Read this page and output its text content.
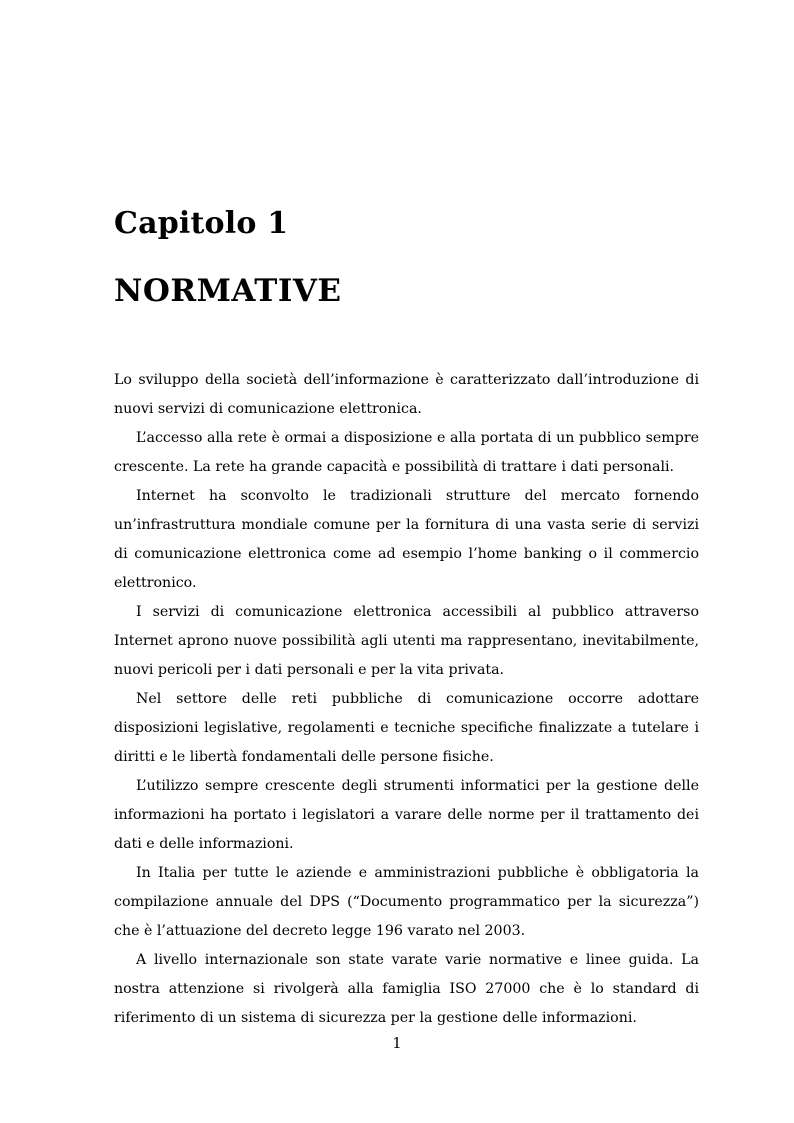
Capitolo 1
NORMATIVE

Lo sviluppo della società dell’informazione è caratterizzato dall’introduzione di nuovi servizi di comunicazione elettronica.

L’accesso alla rete è ormai a disposizione e alla portata di un pubblico sempre crescente. La rete ha grande capacità e possibilità di trattare i dati personali.

Internet ha sconvolto le tradizionali strutture del mercato fornendo un’infrastruttura mondiale comune per la fornitura di una vasta serie di servizi di comunicazione elettronica come ad esempio l’home banking o il commercio elettronico.

I servizi di comunicazione elettronica accessibili al pubblico attraverso Internet aprono nuove possibilità agli utenti ma rappresentano, inevitabilmente, nuovi pericoli per i dati personali e per la vita privata.

Nel settore delle reti pubbliche di comunicazione occorre adottare disposizioni legislative, regolamenti e tecniche specifiche finalizzate a tutelare i diritti e le libertà fondamentali delle persone fisiche.

L’utilizzo sempre crescente degli strumenti informatici per la gestione delle informazioni ha portato i legislatori a varare delle norme per il trattamento dei dati e delle informazioni.

In Italia per tutte le aziende e amministrazioni pubbliche è obbligatoria la compilazione annuale del DPS (“Documento programmatico per la sicurezza”) che è l’attuazione del decreto legge 196 varato nel 2003.

A livello internazionale son state varate varie normative e linee guida. La nostra attenzione si rivolgerà alla famiglia ISO 27000 che è lo standard di riferimento di un sistema di sicurezza per la gestione delle informazioni.

1
